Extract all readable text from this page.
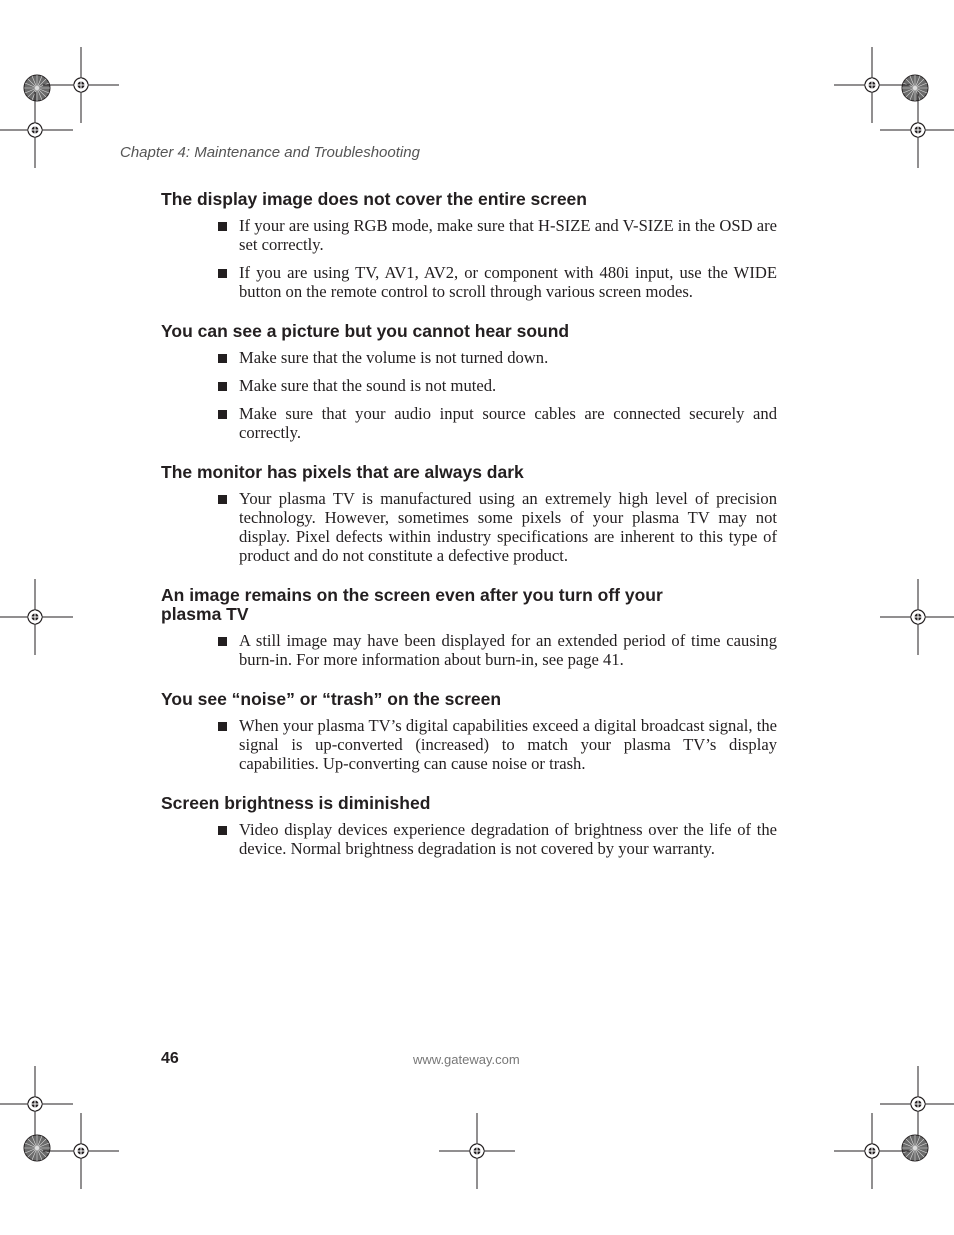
Chapter 4: Maintenance and Troubleshooting
The display image does not cover the entire screen
If your are using RGB mode, make sure that H-SIZE and V-SIZE in the OSD are set correctly.
If you are using TV, AV1, AV2, or component with 480i input, use the WIDE button on the remote control to scroll through various screen modes.
You can see a picture but you cannot hear sound
Make sure that the volume is not turned down.
Make sure that the sound is not muted.
Make sure that your audio input source cables are connected securely and correctly.
The monitor has pixels that are always dark
Your plasma TV is manufactured using an extremely high level of precision technology. However, sometimes some pixels of your plasma TV may not display. Pixel defects within industry specifications are inherent to this type of product and do not constitute a defective product.
An image remains on the screen even after you turn off your plasma TV
A still image may have been displayed for an extended period of time causing burn-in. For more information about burn-in, see page 41.
You see “noise” or “trash” on the screen
When your plasma TV’s digital capabilities exceed a digital broadcast signal, the signal is up-converted (increased) to match your plasma TV’s display capabilities. Up-converting can cause noise or trash.
Screen brightness is diminished
Video display devices experience degradation of brightness over the life of the device. Normal brightness degradation is not covered by your warranty.
46	www.gateway.com
